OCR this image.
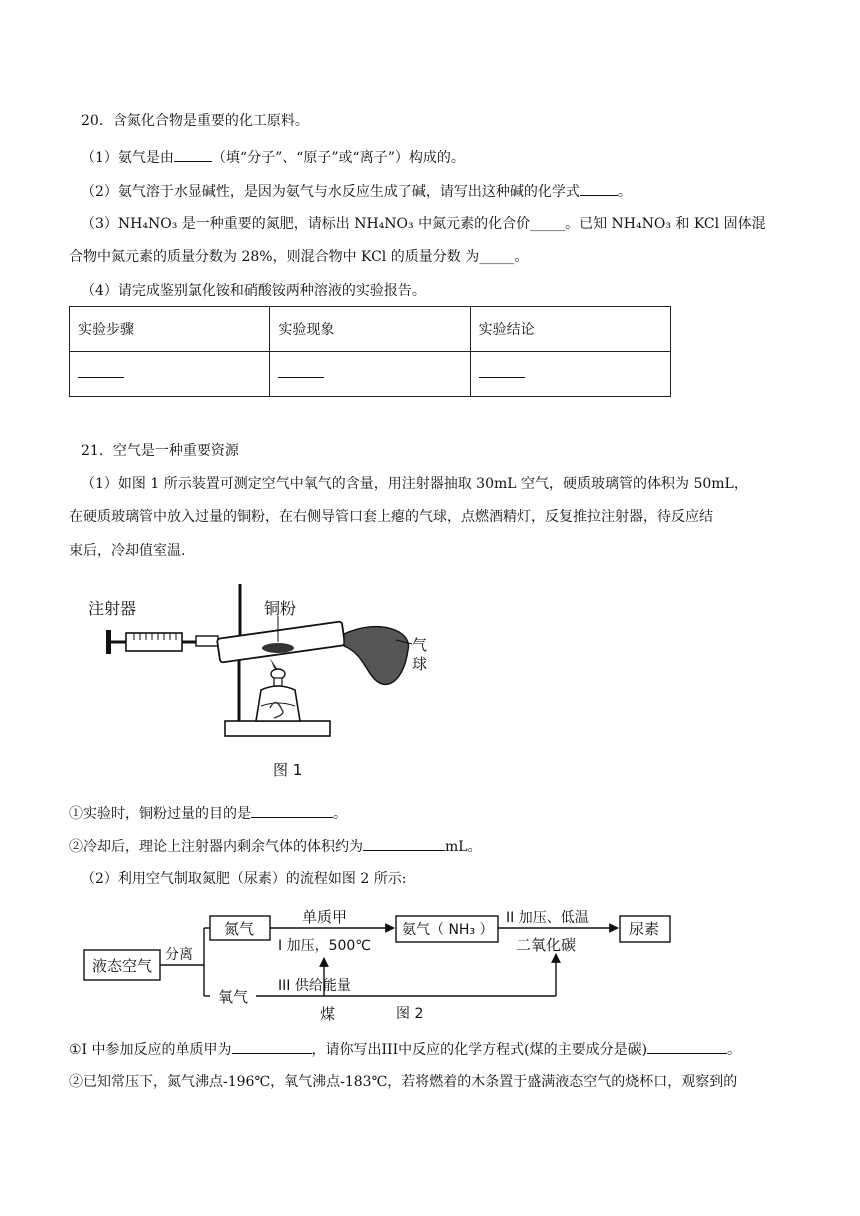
20．含氮化合物是重要的化工原料。
（1）氨气是由	（填“分子”、“原子”或“离子”）构成的。
（2）氨气溶于水显碱性，是因为氨气与水反应生成了碱，请写出这种碱的化学式	。
（3）NH₄NO₃ 是一种重要的氮肥，请标出 NH₄NO₃ 中氮元素的化合价_____。已知 NH₄NO₃ 和 KCl 固体混
合物中氮元素的质量分数为 28%，则混合物中 KCl 的质量分数 为_____。
（4）请完成鉴别氯化铵和硝酸铵两种溶液的实验报告。
实验步骤	实验现象	实验结论

21．空气是一种重要资源
（1）如图 1 所示装置可测定空气中氧气的含量，用注射器抽取 30mL 空气，硬质玻璃管的体积为 50mL，
在硬质玻璃管中放入过量的铜粉，在右侧导管口套上瘪的气球，点燃酒精灯，反复推拉注射器，待反应结
束后，冷却值室温.
注射器	铜粉
气
球
图 1
①实验时，铜粉过量的目的是	。
②冷却后，理论上注射器内剩余气体的体积约为	mL。
（2）利用空气制取氮肥（尿素）的流程如图 2 所示:
液态空气
分离
氮气
氧气
单质甲
I 加压，500℃
氨气（ NH₃ ）
II 加压、低温
二氧化碳
尿素
III 供给能量
煤	图 2
①I 中参加反应的单质甲为	，请你写出III中反应的化学方程式(煤的主要成分是碳)	。
②已知常压下，氮气沸点-196℃，氧气沸点-183℃，若将燃着的木条置于盛满液态空气的烧杯口，观察到的
